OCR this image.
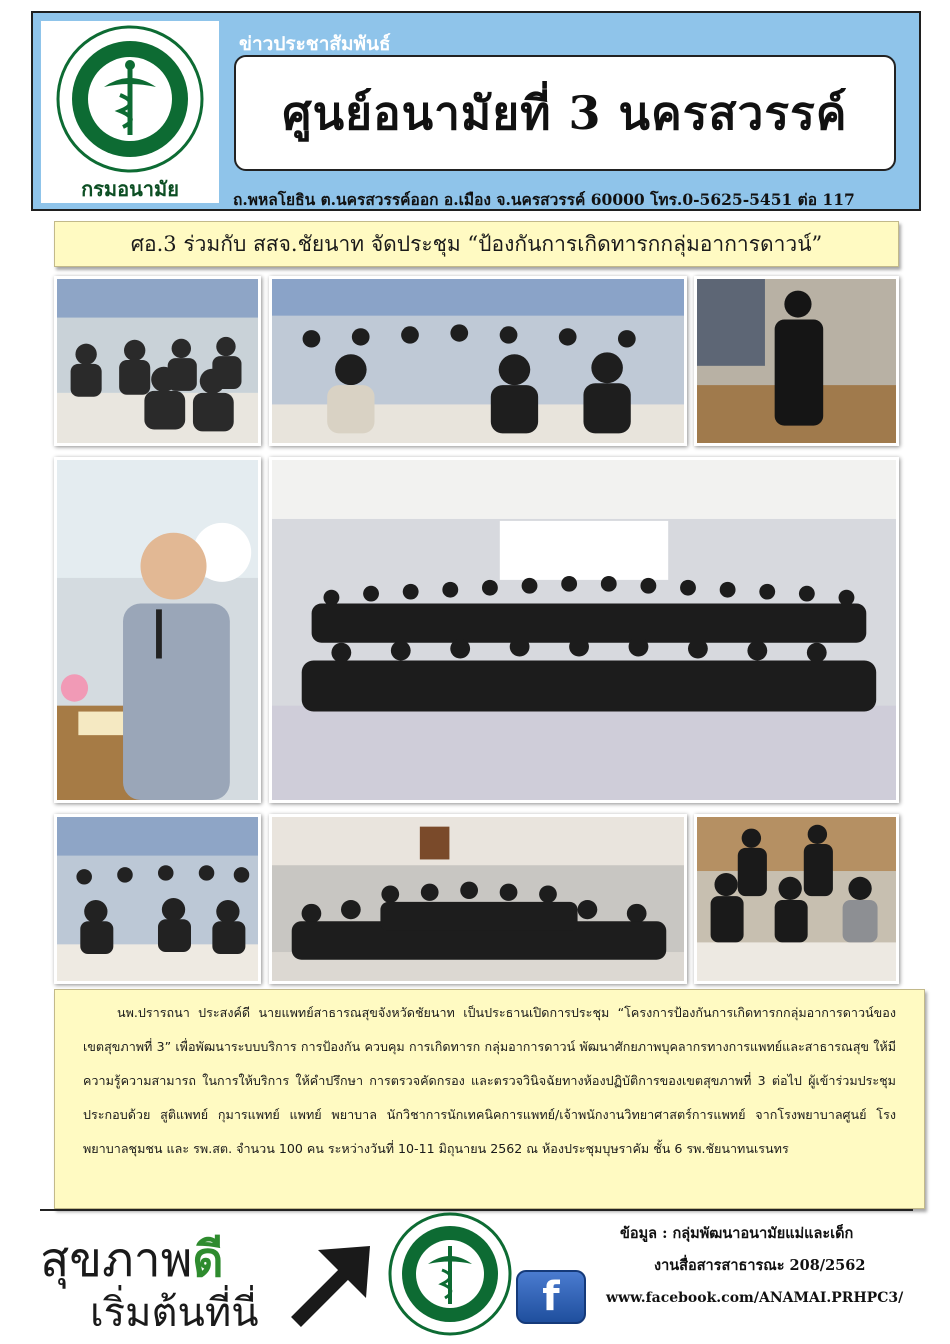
กรมอนามัย
ข่าวประชาสัมพันธ์
ศูนย์อนามัยที่ 3 นครสวรรค์
ถ.พหลโยธิน ต.นครสวรรค์ออก อ.เมือง จ.นครสวรรค์ 60000 โทร.0-5625-5451 ต่อ 117
ศอ.3 ร่วมกับ สสจ.ชัยนาท จัดประชุม “ป้องกันการเกิดทารกกลุ่มอาการดาวน์”

นพ.ปรารถนา ประสงค์ดี นายแพทย์สาธารณสุขจังหวัดชัยนาท เป็นประธานเปิดการประชุม “โครงการป้องกันการเกิดทารกกลุ่มอาการดาวน์ของเขตสุขภาพที่ 3” เพื่อพัฒนาระบบบริการ การป้องกัน ควบคุม การเกิดทารก กลุ่มอาการดาวน์ พัฒนาศักยภาพบุคลากรทางการแพทย์และสาธารณสุข ให้มีความรู้ความสามารถ ในการให้บริการ ให้คำปรึกษา การตรวจคัดกรอง และตรวจวินิจฉัยทางห้องปฏิบัติการของเขตสุขภาพที่ 3 ต่อไป ผู้เข้าร่วมประชุม ประกอบด้วย สูติแพทย์ กุมารแพทย์ แพทย์ พยาบาล นักวิชาการนักเทคนิคการแพทย์/เจ้าพนักงานวิทยาศาสตร์การแพทย์ จากโรงพยาบาลศูนย์ โรงพยาบาลชุมชน และ รพ.สต. จำนวน 100 คน ระหว่างวันที่ 10-11 มิถุนายน 2562 ณ ห้องประชุมบุษราคัม ชั้น 6 รพ.ชัยนาทนเรนทร

สุขภาพดี
เริ่มต้นที่นี่	f
ข้อมูล : กลุ่มพัฒนาอนามัยแม่และเด็ก
งานสื่อสารสาธารณะ 208/2562
www.facebook.com/ANAMAI.PRHPC3/
